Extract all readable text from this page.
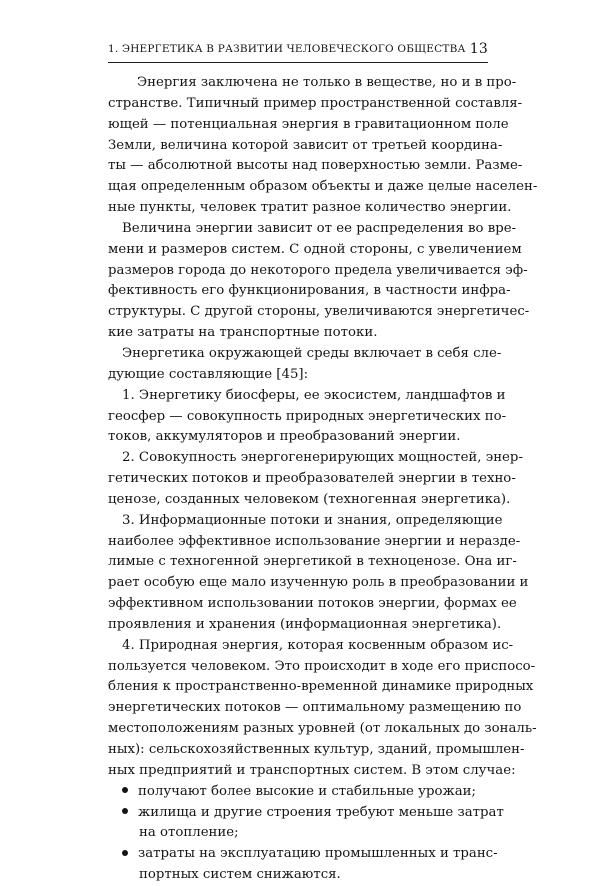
1. ЭНЕРГЕТИКА В РАЗВИТИИ ЧЕЛОВЕЧЕСКОГО ОБЩЕСТВА 13
Энергия заключена не только в веществе, но и в про-
странстве. Типичный пример пространственной составля-
ющей — потенциальная энергия в гравитационном поле
Земли, величина которой зависит от третьей координа-
ты — абсолютной высоты над поверхностью земли. Разме-
щая определенным образом объекты и даже целые населен-
ные пункты, человек тратит разное количество энергии.
Величина энергии зависит от ее распределения во вре-
мени и размеров систем. С одной стороны, с увеличением
размеров города до некоторого предела увеличивается эф-
фективность его функционирования, в частности инфра-
структуры. С другой стороны, увеличиваются энергетичес-
кие затраты на транспортные потоки.
Энергетика окружающей среды включает в себя сле-
дующие составляющие [45]:
1. Энергетику биосферы, ее экосистем, ландшафтов и
геосфер — совокупность природных энергетических по-
токов, аккумуляторов и преобразований энергии.
2. Совокупность энергогенерирующих мощностей, энер-
гетических потоков и преобразователей энергии в техно-
ценозе, созданных человеком (техногенная энергетика).
3. Информационные потоки и знания, определяющие
наиболее эффективное использование энергии и неразде-
лимые с техногенной энергетикой в техноценозе. Она иг-
рает особую еще мало изученную роль в преобразовании и
эффективном использовании потоков энергии, формах ее
проявления и хранения (информационная энергетика).
4. Природная энергия, которая косвенным образом ис-
пользуется человеком. Это происходит в ходе его приспосо-
бления к пространственно-временной динамике природных
энергетических потоков — оптимальному размещению по
местоположениям разных уровней (от локальных до зональ-
ных): сельскохозяйственных культур, зданий, промышлен-
ных предприятий и транспортных систем. В этом случае:
получают более высокие и стабильные урожаи;
жилища и другие строения требуют меньше затрат
на отопление;
затраты на эксплуатацию промышленных и транс-
портных систем снижаются.
